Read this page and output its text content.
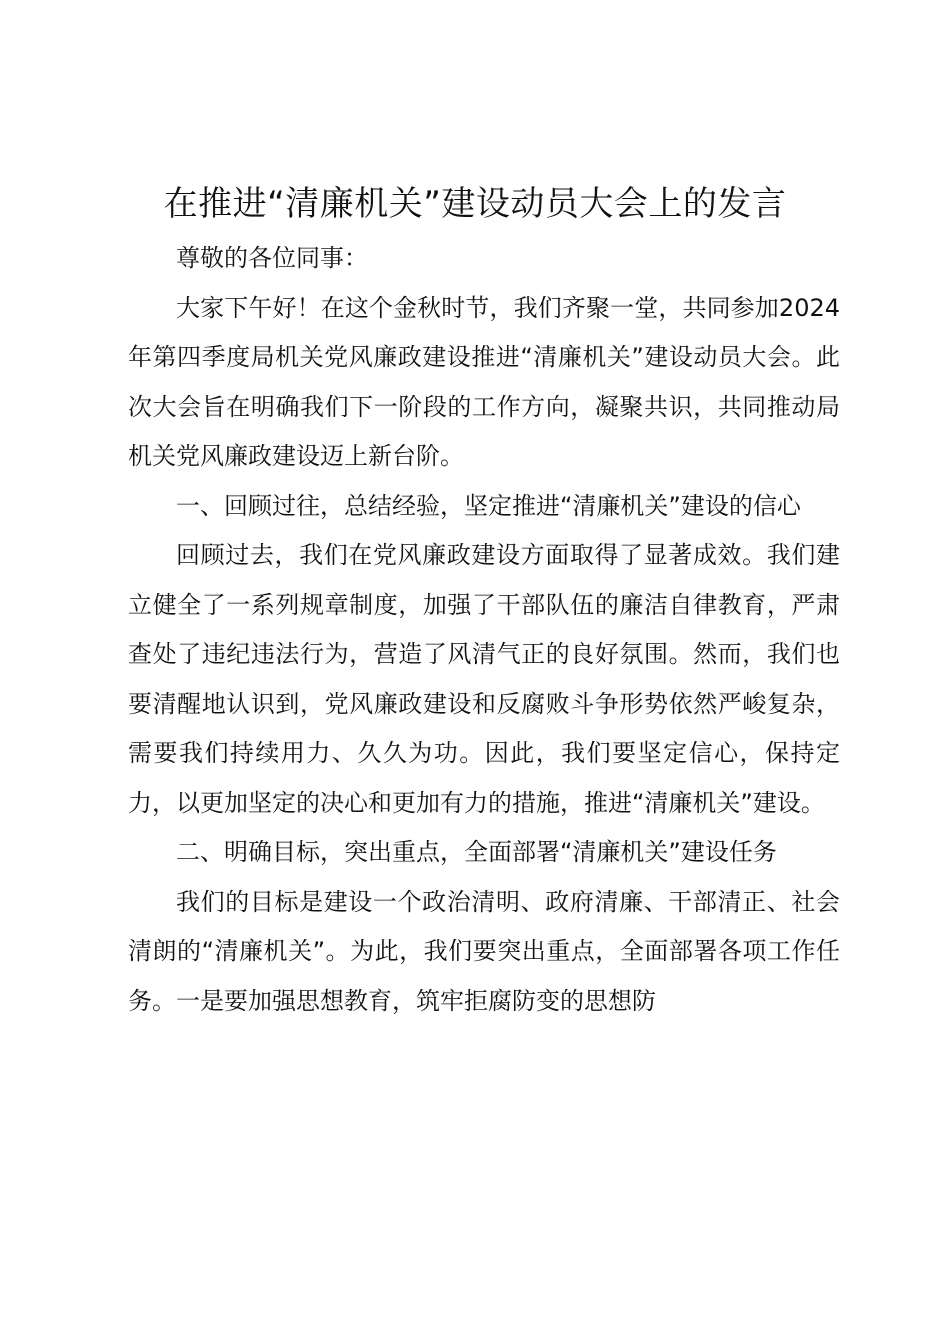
在推进“清廉机关”建设动员大会上的发言

尊敬的各位同事：

大家下午好！在这个金秋时节，我们齐聚一堂，共同参加2024年第四季度局机关党风廉政建设推进“清廉机关”建设动员大会。此次大会旨在明确我们下一阶段的工作方向，凝聚共识，共同推动局机关党风廉政建设迈上新台阶。

一、回顾过往，总结经验，坚定推进“清廉机关”建设的信心

回顾过去，我们在党风廉政建设方面取得了显著成效。我们建立健全了一系列规章制度，加强了干部队伍的廉洁自律教育，严肃查处了违纪违法行为，营造了风清气正的良好氛围。然而，我们也要清醒地认识到，党风廉政建设和反腐败斗争形势依然严峻复杂，需要我们持续用力、久久为功。因此，我们要坚定信心，保持定力，以更加坚定的决心和更加有力的措施，推进“清廉机关”建设。

二、明确目标，突出重点，全面部署“清廉机关”建设任务

我们的目标是建设一个政治清明、政府清廉、干部清正、社会清朗的“清廉机关”。为此，我们要突出重点，全面部署各项工作任务。一是要加强思想教育，筑牢拒腐防变的思想防
